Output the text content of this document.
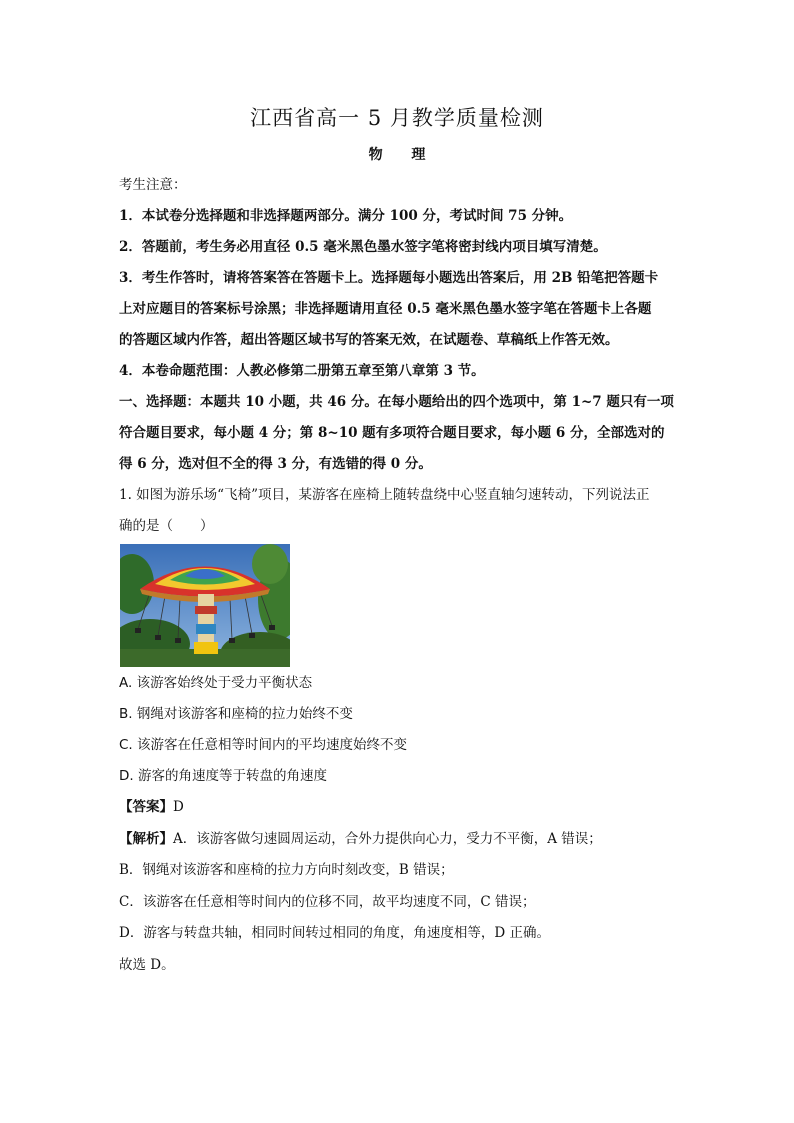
江西省高一 5 月教学质量检测
物 理
考生注意：
1．本试卷分选择题和非选择题两部分。满分 100 分，考试时间 75 分钟。
2．答题前，考生务必用直径 0.5 毫米黑色墨水签字笔将密封线内项目填写清楚。
3．考生作答时，请将答案答在答题卡上。选择题每小题选出答案后，用 2B 铅笔把答题卡
上对应题目的答案标号涂黑；非选择题请用直径 0.5 毫米黑色墨水签字笔在答题卡上各题
的答题区域内作答，超出答题区域书写的答案无效，在试题卷、草稿纸上作答无效。
4．本卷命题范围：人教必修第二册第五章至第八章第 3 节。
一、选择题：本题共 10 小题，共 46 分。在每小题给出的四个选项中，第 1~7 题只有一项
符合题目要求，每小题 4 分；第 8~10 题有多项符合题目要求，每小题 6 分，全部选对的
得 6 分，选对但不全的得 3 分，有选错的得 0 分。
1. 如图为游乐场“飞椅”项目，某游客在座椅上随转盘绕中心竖直轴匀速转动，下列说法正
确的是（　　）
A. 该游客始终处于受力平衡状态
B. 钢绳对该游客和座椅的拉力始终不变
C. 该游客在任意相等时间内的平均速度始终不变
D. 游客的角速度等于转盘的角速度
【答案】D
【解析】A．该游客做匀速圆周运动，合外力提供向心力，受力不平衡，A 错误；
B．钢绳对该游客和座椅的拉力方向时刻改变，B 错误；
C．该游客在任意相等时间内的位移不同，故平均速度不同，C 错误；
D．游客与转盘共轴，相同时间转过相同的角度，角速度相等，D 正确。
故选 D。
